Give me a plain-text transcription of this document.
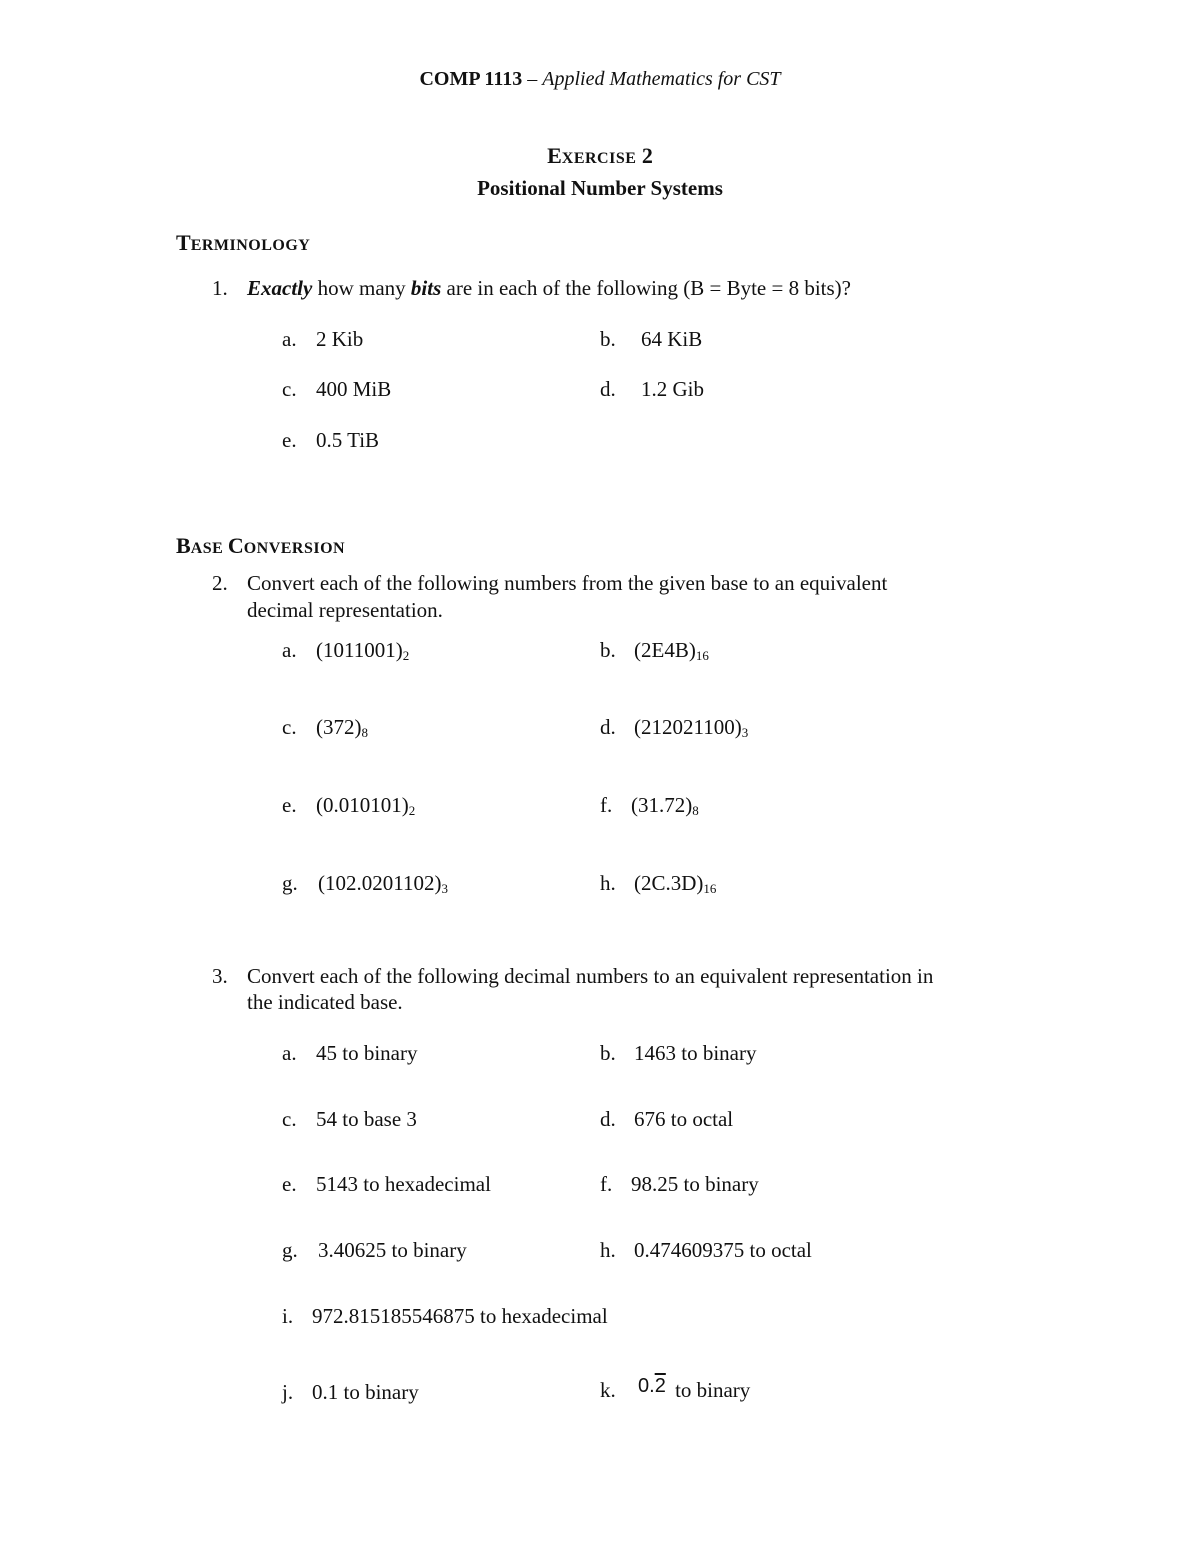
COMP 1113 – Applied Mathematics for CST
EXERCISE 2
Positional Number Systems
TERMINOLOGY
1. Exactly how many bits are in each of the following (B = Byte = 8 bits)?
a. 2 Kib	b. 64 KiB
c. 400 MiB	d. 1.2 Gib
e. 0.5 TiB
BASE CONVERSION
2. Convert each of the following numbers from the given base to an equivalent
decimal representation.
a. $(1011001)_2$	b. $(2E4B)_{16}$
c. $(372)_8$	d. $(212021100)_3$
e. $(0.010101)_2$	f. $(31.72)_8$
g. $(102.0201102)_3$	h. $(2C.3D)_{16}$
3. Convert each of the following decimal numbers to an equivalent representation in
the indicated base.
a. 45 to binary	b. 1463 to binary
c. 54 to base 3	d. 676 to octal
e. 5143 to hexadecimal	f. 98.25 to binary
g. 3.40625 to binary	h. 0.474609375 to octal
i. 972.815185546875 to hexadecimal
j. 0.1 to binary	k. 0.2 to binary
